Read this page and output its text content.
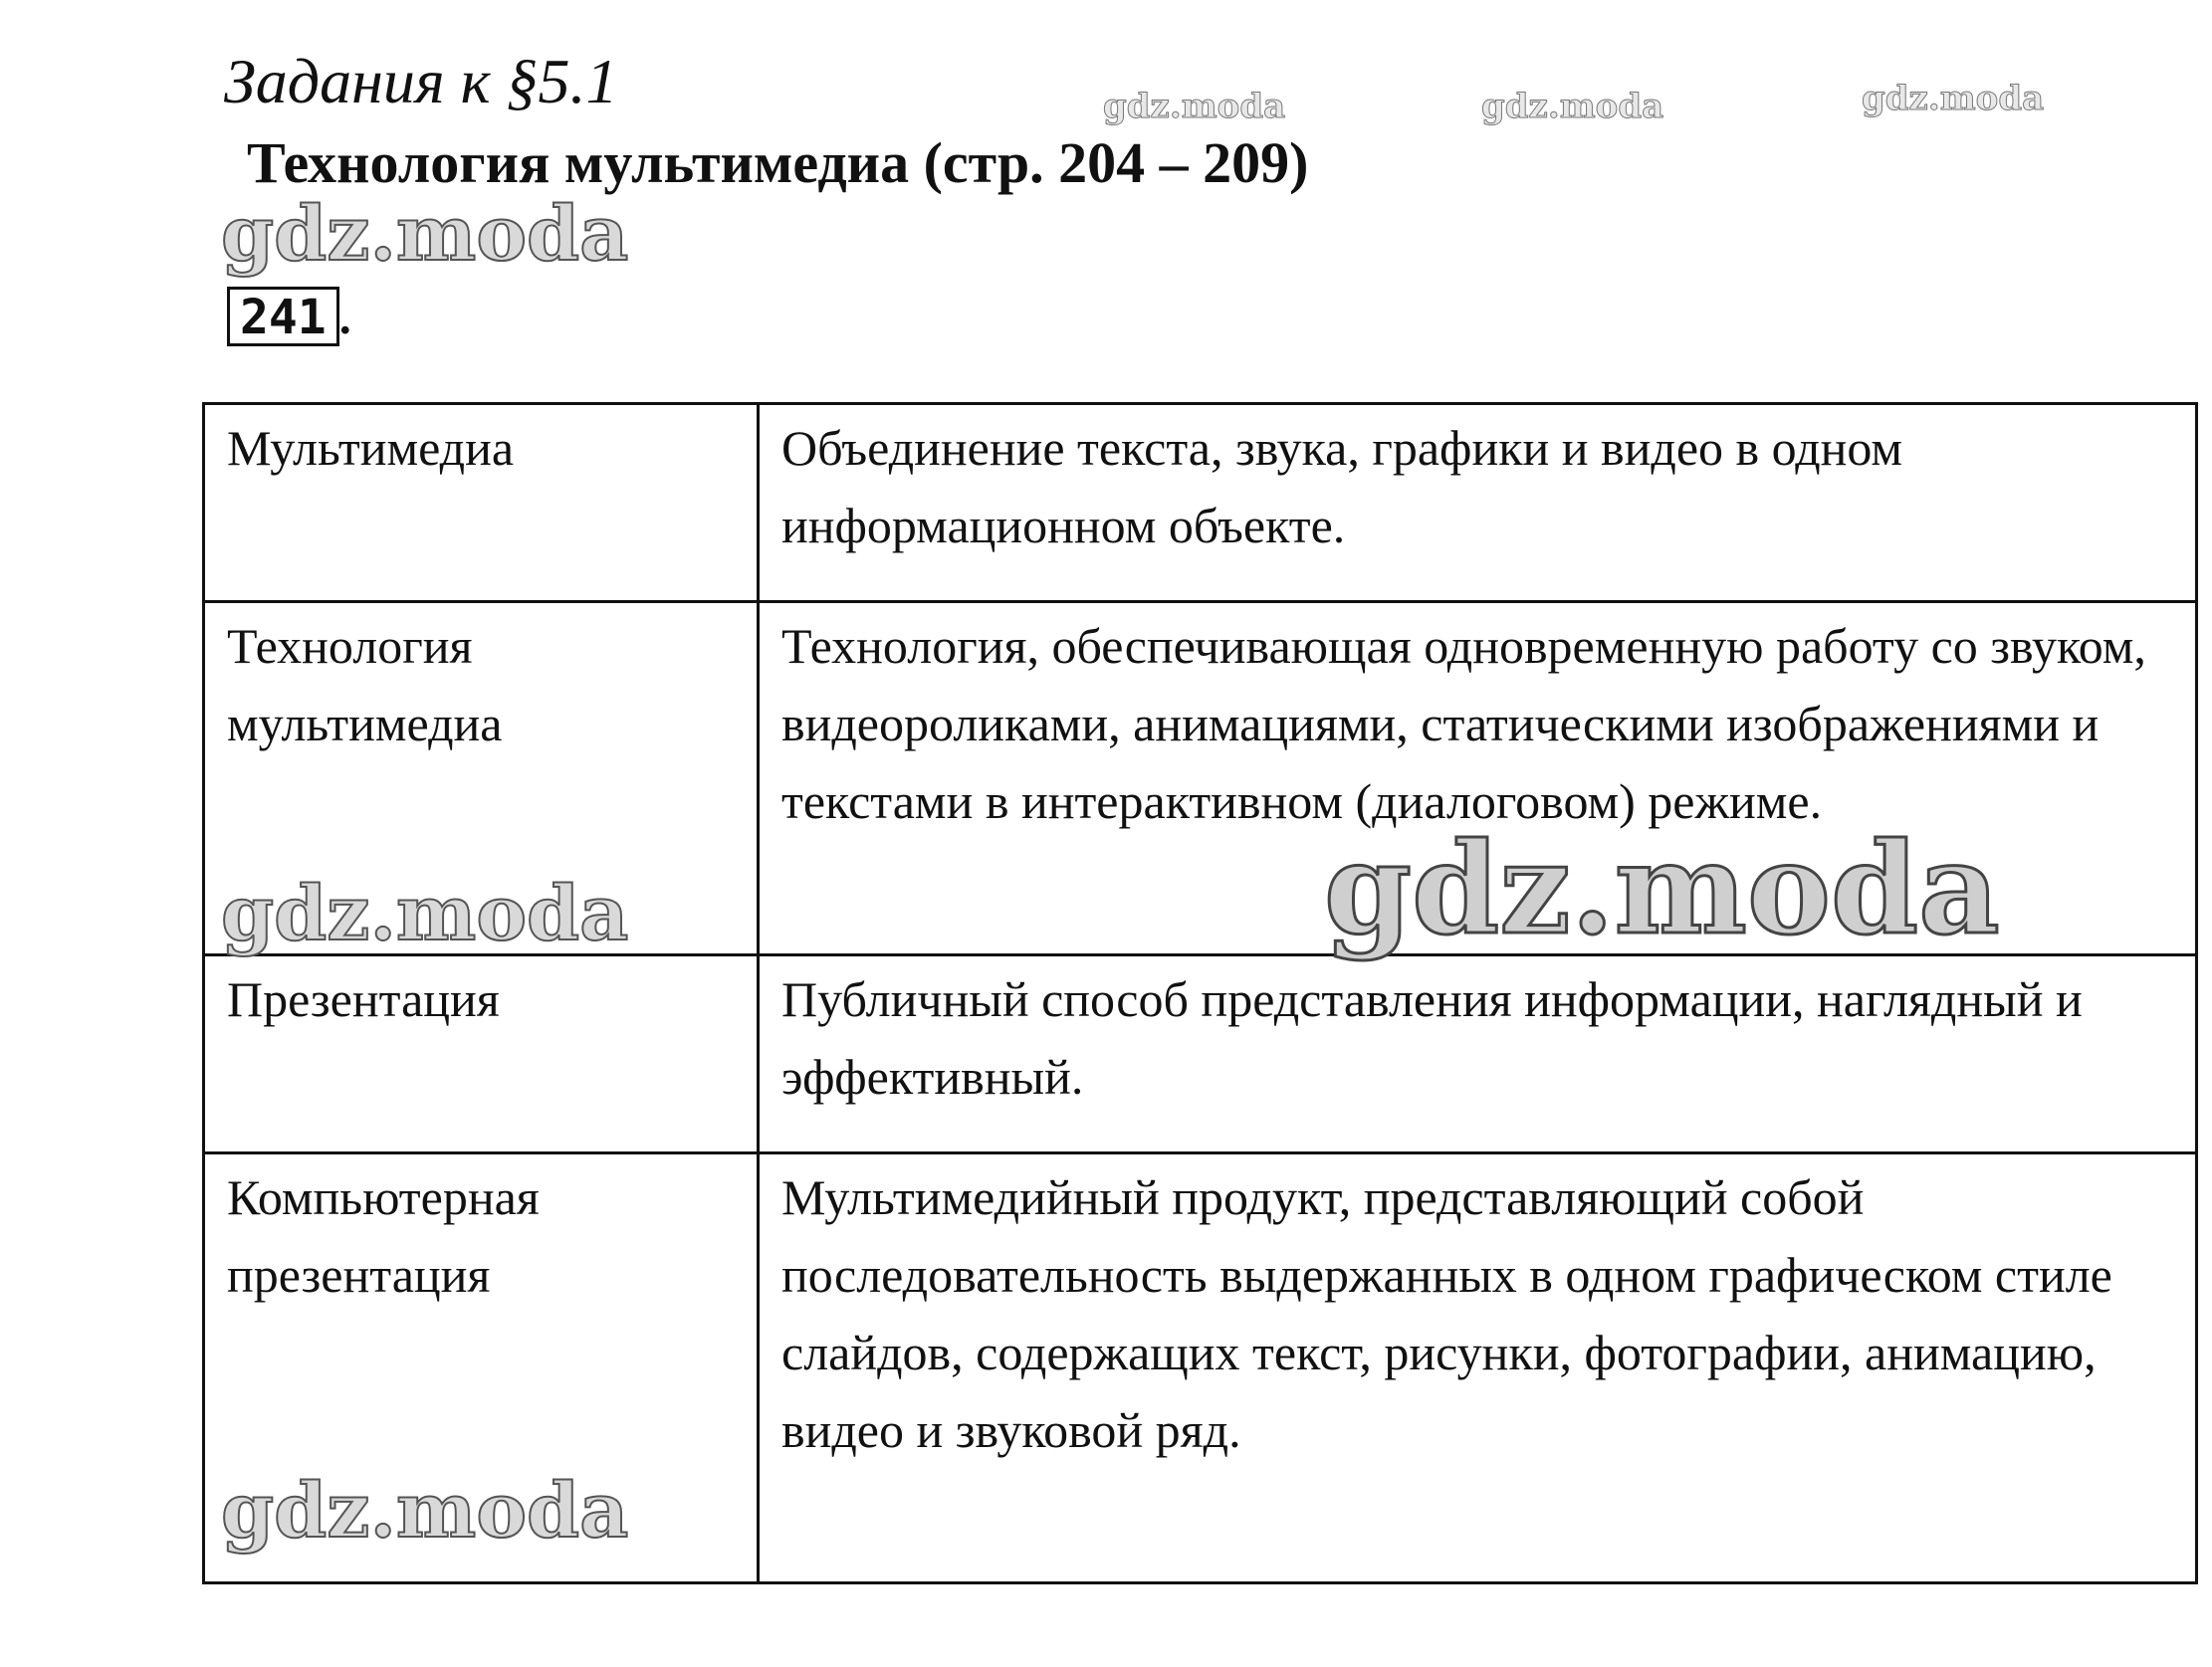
Задания к §5.1
Технология мультимедиа (стр. 204 – 209)
241 .
Мультимедиа	Объединение текста, звука, графики и видео в одном информационном объекте.
Технология мультимедиа	Технология, обеспечивающая одновременную работу со звуком, видеороликами, анимациями, статическими изображениями и текстами в интерактивном (диалоговом) режиме.
Презентация	Публичный способ представления информации, наглядный и эффективный.
Компьютерная презентация	Мультимедийный продукт, представляющий собой последовательность выдержанных в одном графическом стиле слайдов, содержащих текст, рисунки, фотографии, анимацию, видео и звуковой ряд.
gdz.moda	gdz.moda	gdz.moda
gdz.moda
gdz.moda
gdz.moda
gdz.moda
